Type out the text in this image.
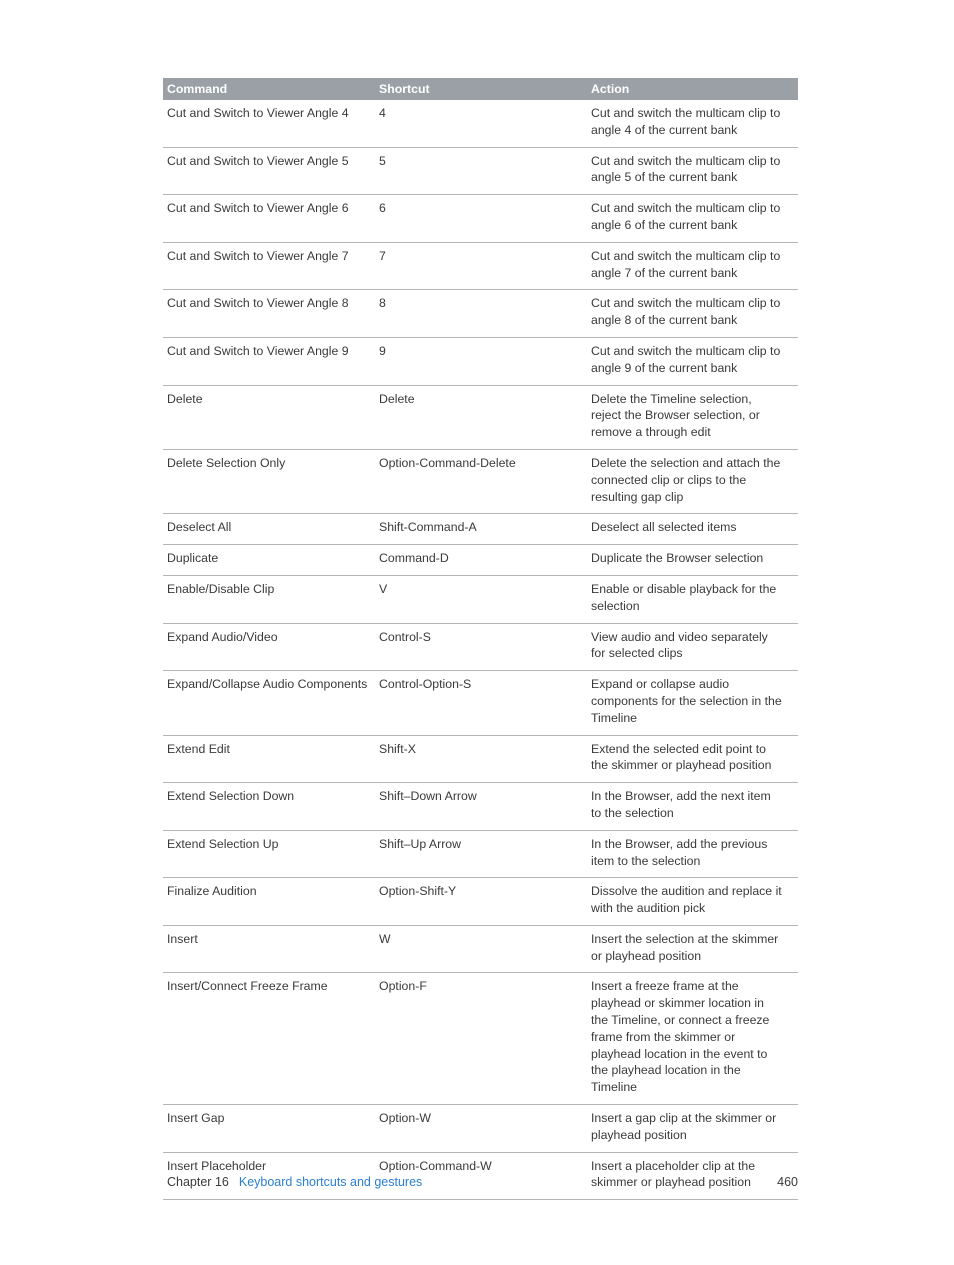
Command	Shortcut	Action
Cut and Switch to Viewer Angle 4	4	Cut and switch the multicam clip to angle 4 of the current bank
Cut and Switch to Viewer Angle 5	5	Cut and switch the multicam clip to angle 5 of the current bank
Cut and Switch to Viewer Angle 6	6	Cut and switch the multicam clip to angle 6 of the current bank
Cut and Switch to Viewer Angle 7	7	Cut and switch the multicam clip to angle 7 of the current bank
Cut and Switch to Viewer Angle 8	8	Cut and switch the multicam clip to angle 8 of the current bank
Cut and Switch to Viewer Angle 9	9	Cut and switch the multicam clip to angle 9 of the current bank
Delete	Delete	Delete the Timeline selection, reject the Browser selection, or remove a through edit
Delete Selection Only	Option-Command-Delete	Delete the selection and attach the connected clip or clips to the resulting gap clip
Deselect All	Shift-Command-A	Deselect all selected items
Duplicate	Command-D	Duplicate the Browser selection
Enable/Disable Clip	V	Enable or disable playback for the selection
Expand Audio/Video	Control-S	View audio and video separately for selected clips
Expand/Collapse Audio Components	Control-Option-S	Expand or collapse audio components for the selection in the Timeline
Extend Edit	Shift-X	Extend the selected edit point to the skimmer or playhead position
Extend Selection Down	Shift–Down Arrow	In the Browser, add the next item to the selection
Extend Selection Up	Shift–Up Arrow	In the Browser, add the previous item to the selection
Finalize Audition	Option-Shift-Y	Dissolve the audition and replace it with the audition pick
Insert	W	Insert the selection at the skimmer or playhead position
Insert/Connect Freeze Frame	Option-F	Insert a freeze frame at the playhead or skimmer location in the Timeline, or connect a freeze frame from the skimmer or playhead location in the event to the playhead location in the Timeline
Insert Gap	Option-W	Insert a gap clip at the skimmer or playhead position
Insert Placeholder	Option-Command-W	Insert a placeholder clip at the skimmer or playhead position
Chapter 16 Keyboard shortcuts and gestures	460
